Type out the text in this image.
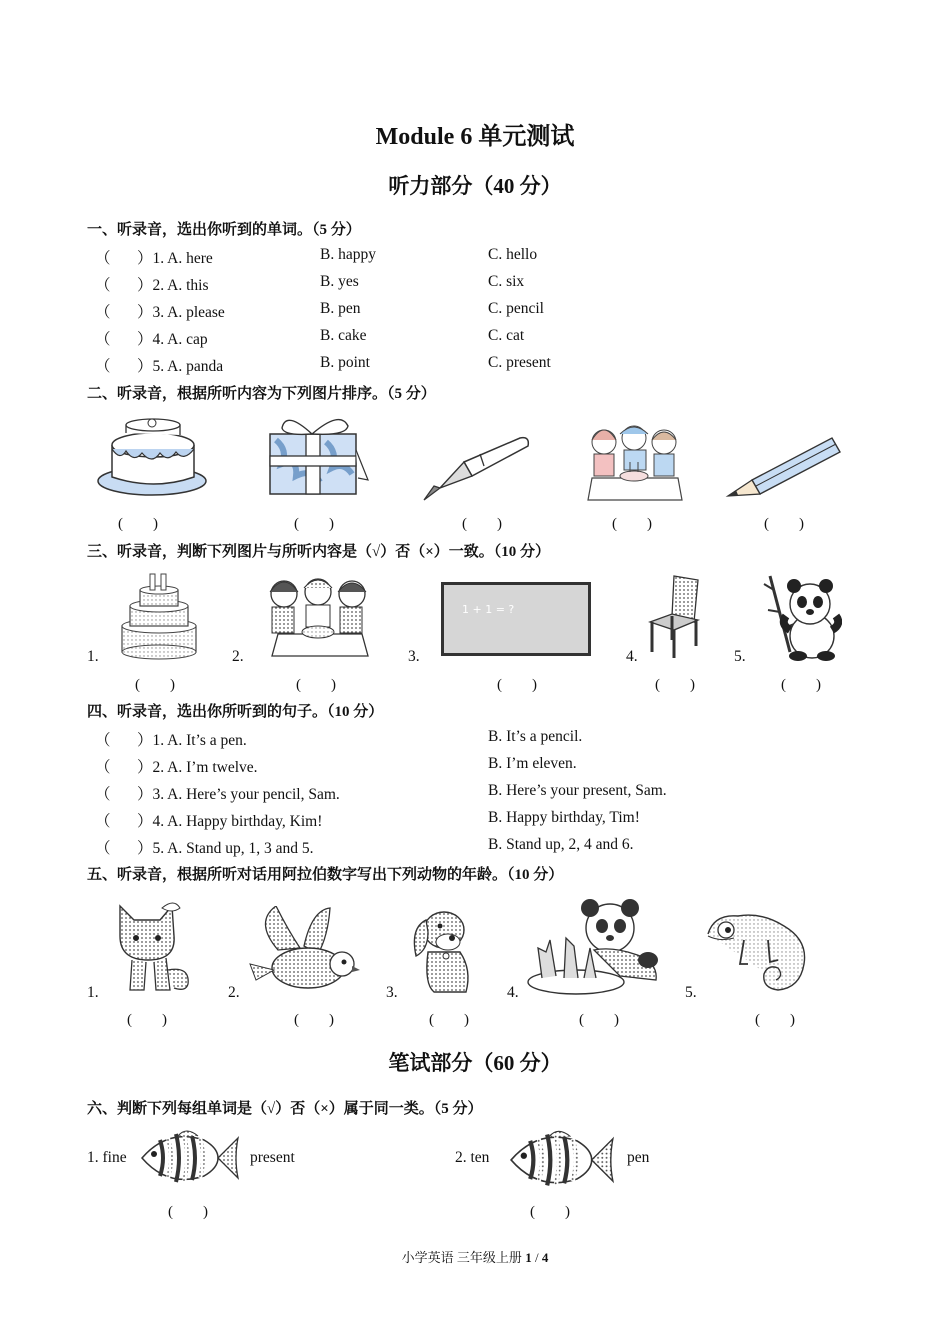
Module 6 单元测试
听力部分（40 分）
一、听录音，选出你听到的单词。（5 分）
（ ）1. A. here	B. happy	C. hello
（ ）2. A. this	B. yes	C. six
（ ）3. A. please	B. pen	C. pencil
（ ）4. A. cap	B. cake	C. cat
（ ）5. A. panda	B. point	C. present
二、听录音，根据所听内容为下列图片排序。（5 分）
(　　)	(　　)	(　　)	(　　)	(　　)
三、听录音，判断下列图片与所听内容是（√）否（×）一致。（10 分）
1.
(　　)
2.
(　　)
3.
1 + 1 = ?
(　　)
4.
(　　)
5.
(　　)
四、听录音，选出你所听到的句子。（10 分）
（ ）1. A. It’s a pen.	B. It’s a pencil.
（ ）2. A. I’m twelve.	B. I’m eleven.
（ ）3. A. Here’s your pencil, Sam.	B. Here’s your present, Sam.
（ ）4. A. Happy birthday, Kim!	B. Happy birthday, Tim!
（ ）5. A. Stand up, 1, 3 and 5.	B. Stand up, 2, 4 and 6.
五、听录音，根据所听对话用阿拉伯数字写出下列动物的年龄。（10 分）
1.
(　　)
2.
(　　)
3.
(　　)
4.
(　　)
5.
(　　)
笔试部分（60 分）
六、判断下列每组单词是（√）否（×）属于同一类。（5 分）
1. fine	present
(　　)
2. ten	pen
(　　)
小学英语 三年级上册 1 / 4
